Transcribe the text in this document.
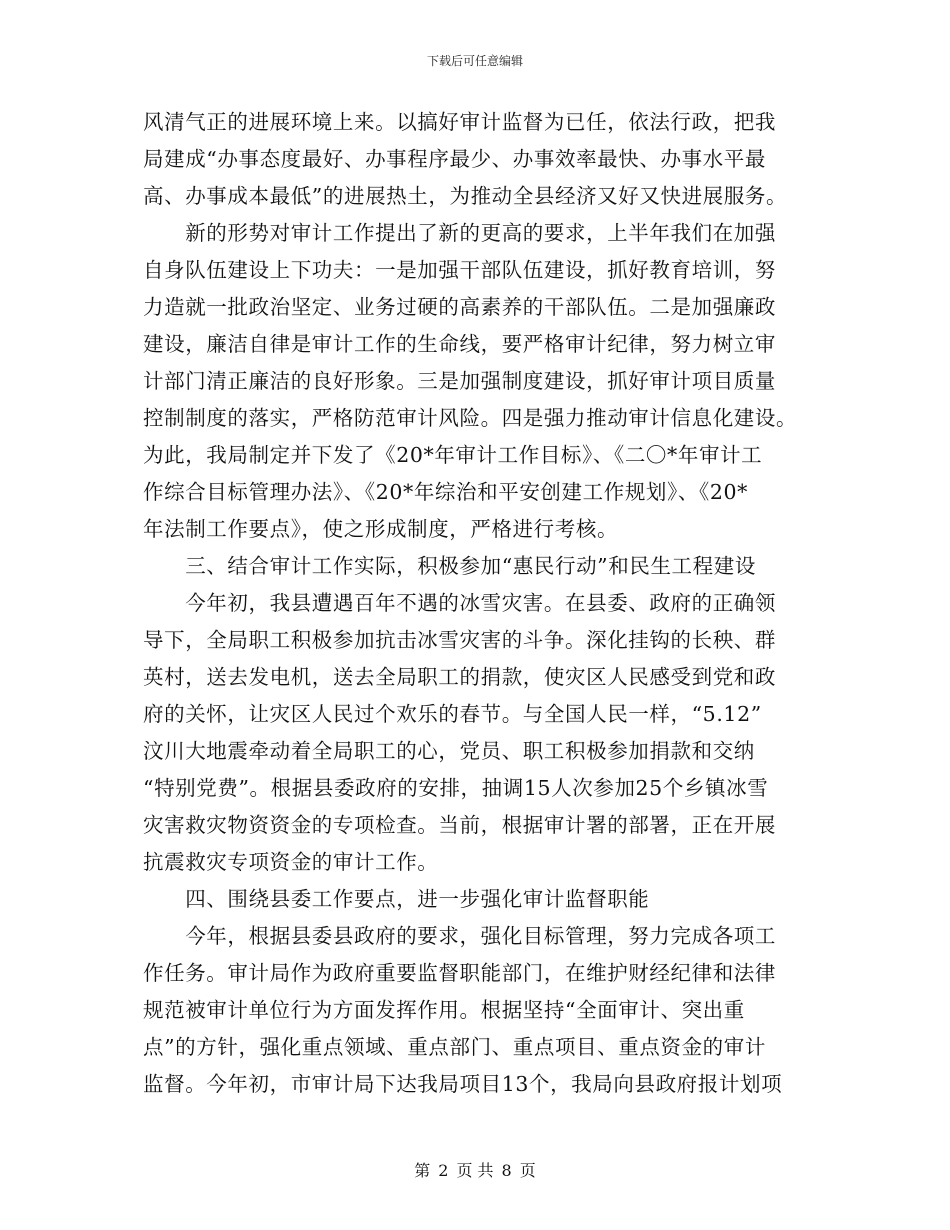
下载后可任意编辑
风清气正的进展环境上来。以搞好审计监督为已任，依法行政，把我
局建成“办事态度最好、办事程序最少、办事效率最快、办事水平最
高、办事成本最低”的进展热土，为推动全县经济又好又快进展服务。
　　新的形势对审计工作提出了新的更高的要求，上半年我们在加强
自身队伍建设上下功夫：一是加强干部队伍建设，抓好教育培训，努
力造就一批政治坚定、业务过硬的高素养的干部队伍。二是加强廉政
建设，廉洁自律是审计工作的生命线，要严格审计纪律，努力树立审
计部门清正廉洁的良好形象。三是加强制度建设，抓好审计项目质量
控制制度的落实，严格防范审计风险。四是强力推动审计信息化建设。
为此，我局制定并下发了《20*年审计工作目标》、《二〇*年审计工
作综合目标管理办法》、《20*年综治和平安创建工作规划》、《20*
年法制工作要点》，使之形成制度，严格进行考核。
　　三、结合审计工作实际，积极参加“惠民行动”和民生工程建设
　　今年初，我县遭遇百年不遇的冰雪灾害。在县委、政府的正确领
导下，全局职工积极参加抗击冰雪灾害的斗争。深化挂钩的长秧、群
英村，送去发电机，送去全局职工的捐款，使灾区人民感受到党和政
府的关怀，让灾区人民过个欢乐的春节。与全国人民一样，“5.12”
汶川大地震牵动着全局职工的心，党员、职工积极参加捐款和交纳
“特别党费”。根据县委政府的安排，抽调15人次参加25个乡镇冰雪
灾害救灾物资资金的专项检查。当前，根据审计署的部署，正在开展
抗震救灾专项资金的审计工作。
　　四、围绕县委工作要点，进一步强化审计监督职能
　　今年，根据县委县政府的要求，强化目标管理，努力完成各项工
作任务。审计局作为政府重要监督职能部门，在维护财经纪律和法律
规范被审计单位行为方面发挥作用。根据坚持“全面审计、突出重
点”的方针，强化重点领域、重点部门、重点项目、重点资金的审计
监督。今年初，市审计局下达我局项目13个，我局向县政府报计划项
第 2 页 共 8 页
